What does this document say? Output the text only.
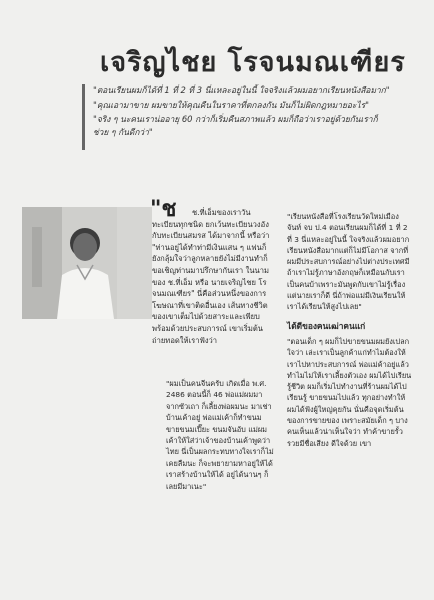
เจริญไชย โรจนมณเฑียร

"ตอนเรียนผมก็ได้ที่ 1 ที่ 2 ที่ 3 นี่แหละอยู่ในนี้ ใจจริงแล้วผมอยากเรียนหนังสือมาก"

"คุณเอามาขาย ผมขายให้คุณคืนในราคาที่ตกลงกัน มันก็ไม่ผิดกฎหมายอะไร"

"จริง ๆ นะคนเราน่ออายุ 60 กว่าก็เริ่มคืนสภาพแล้ว ผมก็ถือว่าเราอยู่ด้วยกันเราก็ช่วย ๆ กันดีกว่า"

"ช	ช.ที่เอ็มของเราวันทะเบียนทุกชนิด ยกเว้นทะเบียนวงอังกับทะเบียนสมรส ได้มาจากนี้ หรือว่า "ท่านอยู่ได้ทำท่ามีเงินแสน ๆ แฟนก็ยังกลุ้มใจว่าลูกหลายยังไม่มีงานทำก็ขอเชิญท่านมาปรึกษากันเรา ในนามของ ช.ที่เอ็ม หรือ นายเจริญไชย โรจนมณเฑียร" นี่คือส่วนหนึ่งของการโฆษณาที่เขาติดอื่นเอง เส้นทางชีวิตของเขาเต็มไปด้วยสาระและเพียบพร้อมด้วยประสบการณ์ เขาเริ่มต้นถ่ายทอดให้เราฟังว่า

"ผมเป็นคนจีนครับ เกิดเมื่อ พ.ศ. 2486 ตอนนี้ก็ 46 พ่อแม่ผมมาจากซัวเถา ก็เลี้ยงพ่อผมนะ มาเช่าบ้านเค้าอยู่ พ่อแม่เค้าก็ทำขนมขายขนมเปี๊ยะ ขนมจันอับ แม่ผมเค้าให้ใส่ว่าเจ้าของบ้านเค้าพูดว่าไทย นี่เป็นผลกระทบทางใจเราก็ไม่เคยลืมนะ ก็จะพยายามหาอยู่ให้ได้เราสร้างบ้านให้ได้ อยู่ได้นานๆ ก็เลยมีมาเนะ"

"เรียนหนังสือที่โรงเรียนวัดใหม่เมืองจันท์ จบ ป.4 ตอนเรียนผมก็ได้ที่ 1 ที่ 2 ที่ 3 นี่แหละอยู่ในนี้ ใจจริงแล้วผมอยากเรียนหนังสือมากแต่ก็ไม่มีโอกาส จากที่ผมมีประสบการณ์อย่างไปต่างประเทศมี ถ้าเราไม่รู้ภาษาอังกฤษก็เหมือนกับเราเป็นคนบ้าเพราะมันพูดกับเขาไม่รู้เรื่องแต่นายเราก็ดี นี่ถ้าพ่อแม่มีเงินเรียนให้เราได้เรียนให้สูงไปเลย"

ได้ดีของคนเฒ่าคนแก่

"ตอนเด็ก ๆ ผมก็ไปขายขนมผมยังเปลกใจว่า เล่ะเราเป็นลูกค้าแก่ทำไมต้องให้เราไปหาประสบการณ์ พ่อแม่ค้าอยู่แล้วทำไมไม่ให้เราเลี้ยงตัวเอง ผมได้ไปเรียนรู้ชีวิต ผมก็เริ่มไปทำงานที่ร้านผมได้ไปเรียนรู้ ขายขนมไปแล้ว ทุกอย่างทำให้ผมได้ฟังผู้ใหญ่คุยกัน นั่นคือจุดเริ่มต้นของการขายของ เพราะสมัยเด็ก ๆ บางคนเห็นแล้วน่าเห็นใจว่า ทำค้าขายรั้วรวยมีชื่อเสียง ดีใจด้วย เขา
